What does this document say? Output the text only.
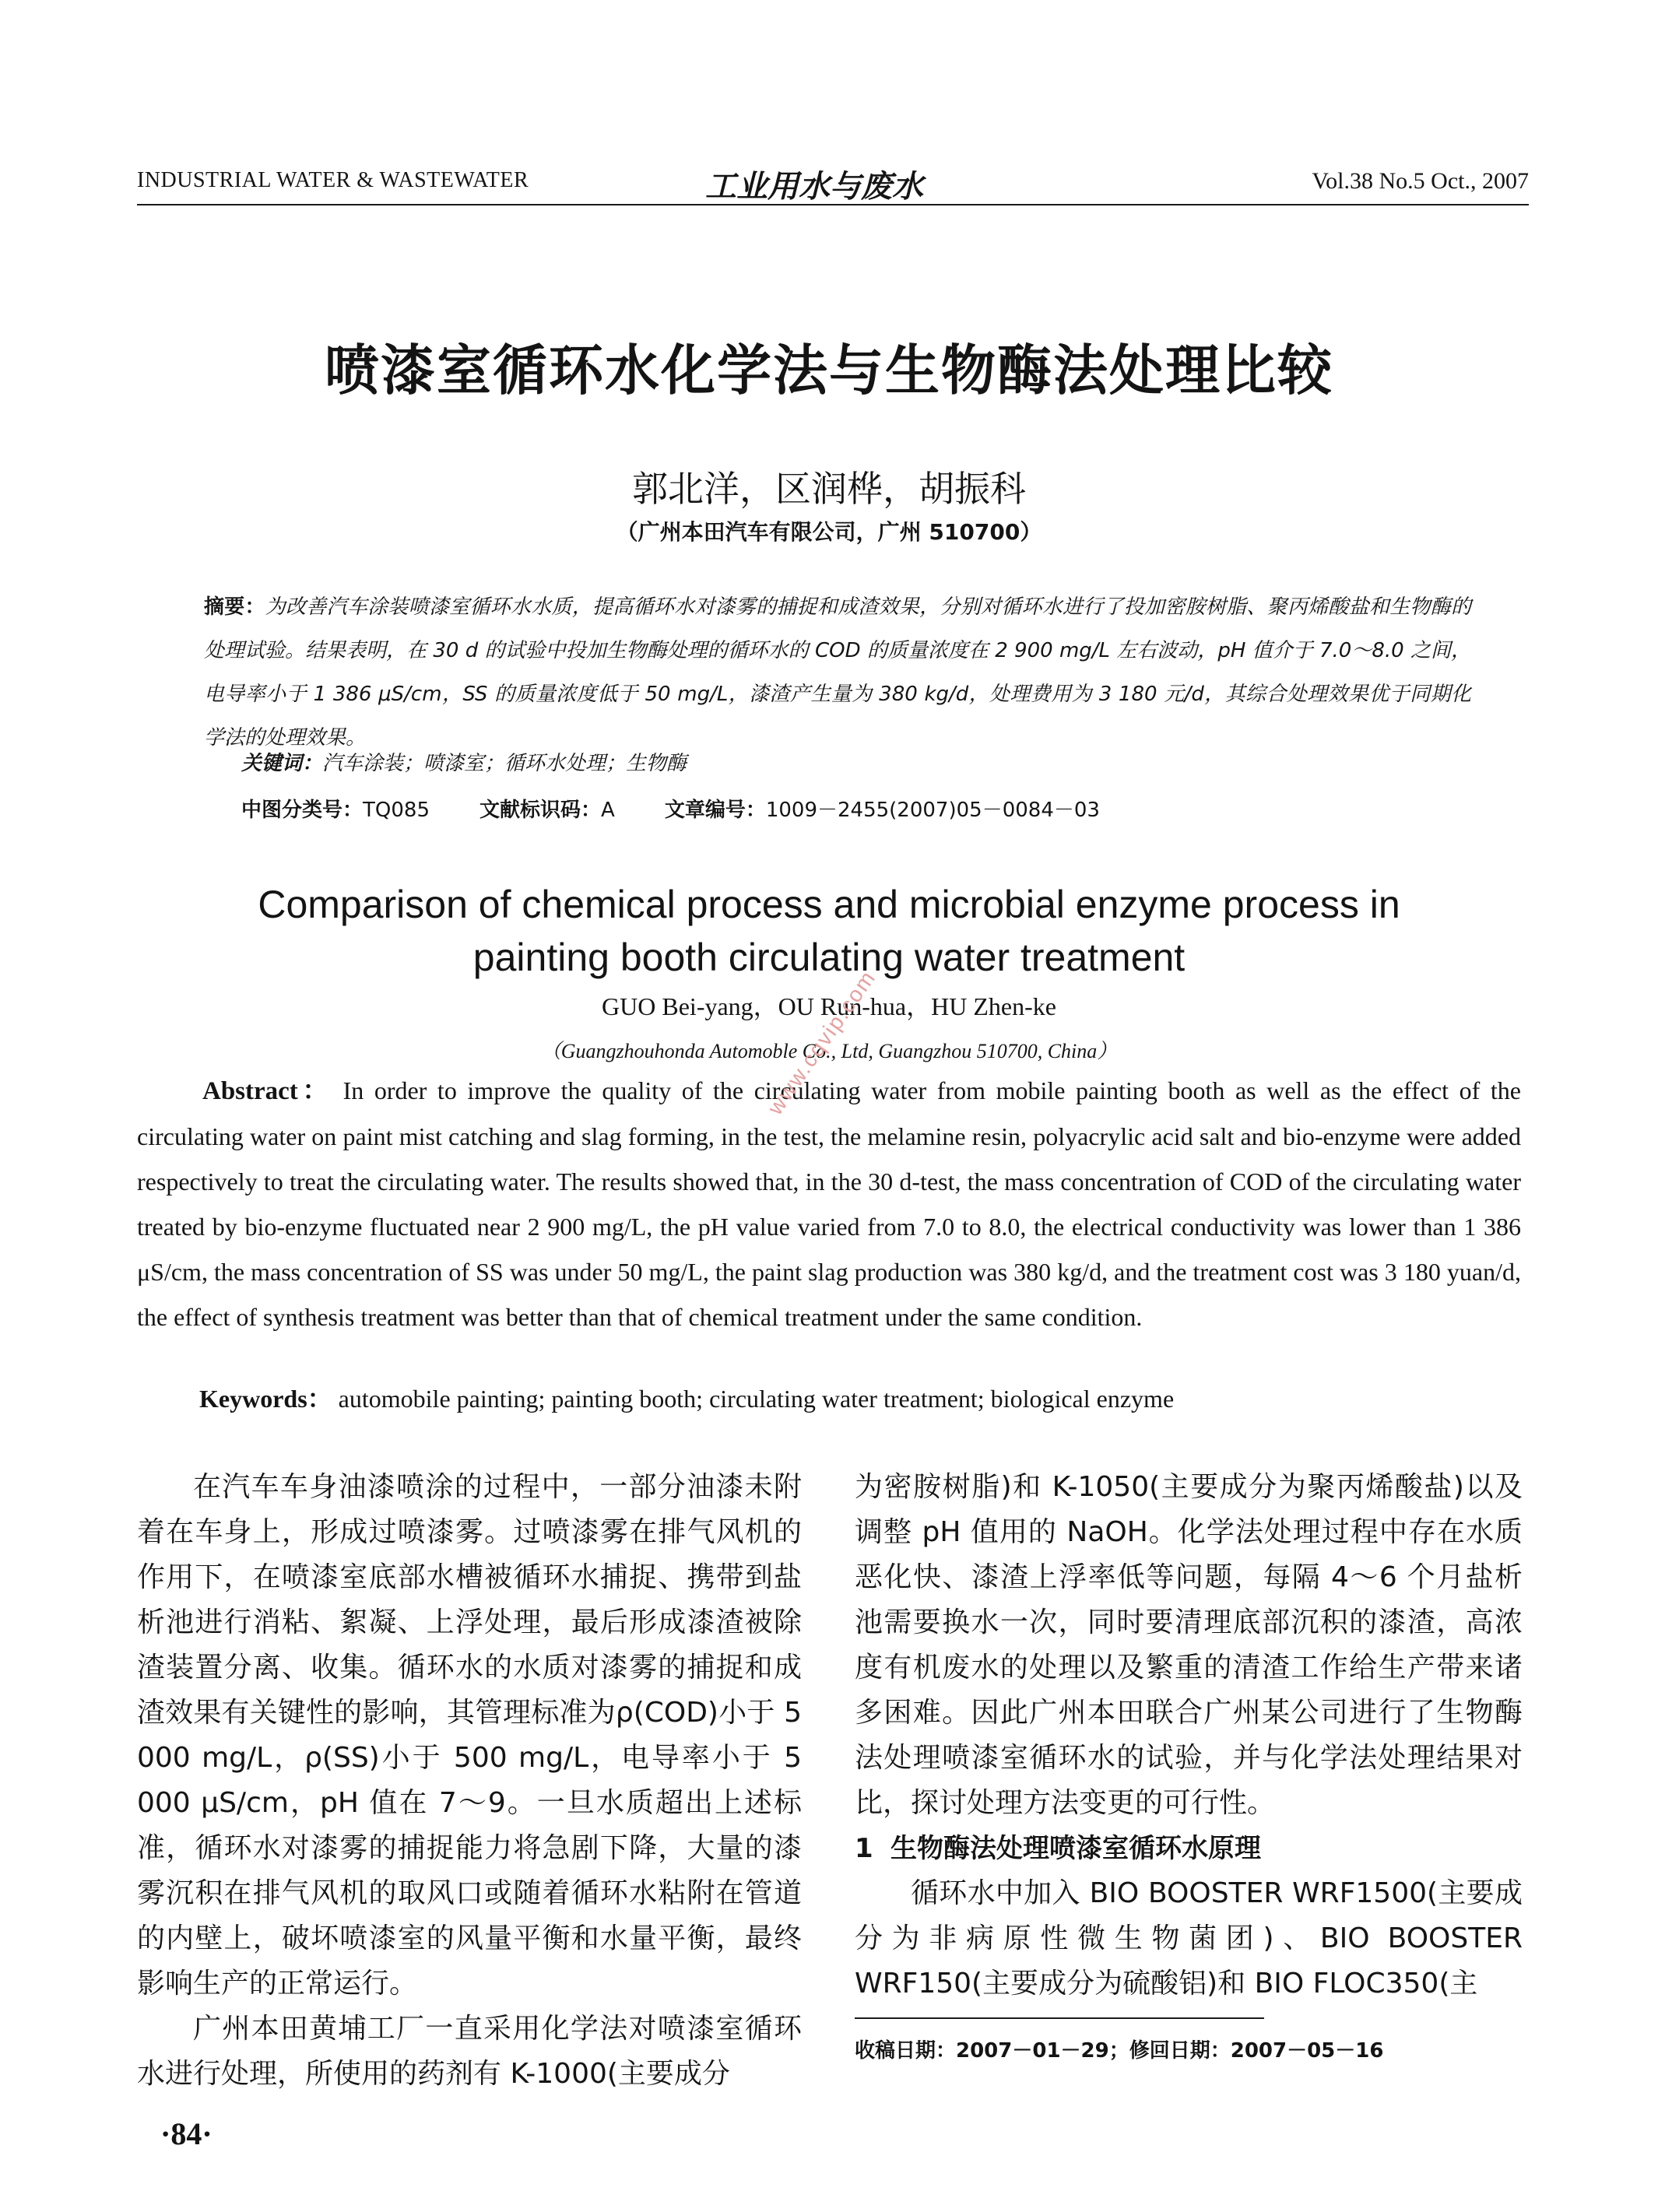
INDUSTRIAL WATER & WASTEWATER	工业用水与废水	Vol.38 No.5 Oct., 2007
喷漆室循环水化学法与生物酶法处理比较
郭北洋，区润桦，胡振科
（广州本田汽车有限公司，广州 510700）
摘要：为改善汽车涂装喷漆室循环水水质，提高循环水对漆雾的捕捉和成渣效果，分别对循环水进行了投加密胺树脂、聚丙烯酸盐和生物酶的处理试验。结果表明，在 30 d 的试验中投加生物酶处理的循环水的 COD 的质量浓度在 2 900 mg/L 左右波动，pH 值介于 7.0～8.0 之间，电导率小于 1 386 μS/cm，SS 的质量浓度低于 50 mg/L，漆渣产生量为 380 kg/d，处理费用为 3 180 元/d，其综合处理效果优于同期化学法的处理效果。
关键词：汽车涂装；喷漆室；循环水处理；生物酶
中图分类号：TQ085 文献标识码：A 文章编号：1009－2455(2007)05－0084－03
Comparison of chemical process and microbial enzyme process in
painting booth circulating water treatment
GUO Bei-yang，OU Run-hua，HU Zhen-ke
（Guangzhouhonda Automoble Co., Ltd, Guangzhou 510700, China）
Abstract： In order to improve the quality of the circulating water from mobile painting booth as well as the effect of the circulating water on paint mist catching and slag forming, in the test, the melamine resin, polyacrylic acid salt and bio-enzyme were added respectively to treat the circulating water. The results showed that, in the 30 d-test, the mass concentration of COD of the circulating water treated by bio-enzyme fluctuated near 2 900 mg/L, the pH value varied from 7.0 to 8.0, the electrical conductivity was lower than 1 386 μS/cm, the mass concentration of SS was under 50 mg/L, the paint slag production was 380 kg/d, and the treatment cost was 3 180 yuan/d, the effect of synthesis treatment was better than that of chemical treatment under the same condition.
Keywords： automobile painting; painting booth; circulating water treatment; biological enzyme

在汽车车身油漆喷涂的过程中，一部分油漆未附着在车身上，形成过喷漆雾。过喷漆雾在排气风机的作用下，在喷漆室底部水槽被循环水捕捉、携带到盐析池进行消粘、絮凝、上浮处理，最后形成漆渣被除渣装置分离、收集。循环水的水质对漆雾的捕捉和成渣效果有关键性的影响，其管理标准为ρ(COD)小于 5 000 mg/L，ρ(SS)小于 500 mg/L，电导率小于 5 000 μS/cm，pH 值在 7～9。一旦水质超出上述标准，循环水对漆雾的捕捉能力将急剧下降，大量的漆雾沉积在排气风机的取风口或随着循环水粘附在管道的内壁上，破坏喷漆室的风量平衡和水量平衡，最终影响生产的正常运行。

广州本田黄埔工厂一直采用化学法对喷漆室循环水进行处理，所使用的药剂有 K-1000(主要成分

为密胺树脂)和 K-1050(主要成分为聚丙烯酸盐)以及调整 pH 值用的 NaOH。化学法处理过程中存在水质恶化快、漆渣上浮率低等问题，每隔 4～6 个月盐析池需要换水一次，同时要清理底部沉积的漆渣，高浓度有机废水的处理以及繁重的清渣工作给生产带来诸多困难。因此广州本田联合广州某公司进行了生物酶法处理喷漆室循环水的试验，并与化学法处理结果对比，探讨处理方法变更的可行性。

1 生物酶法处理喷漆室循环水原理

循环水中加入 BIO BOOSTER WRF1500(主要成分为非病原性微生物菌团)、BIO BOOSTER WRF150(主要成分为硫酸铝)和 BIO FLOC350(主

收稿日期：2007－01－29；修回日期：2007－05－16
·84·
www.cqvip.com
